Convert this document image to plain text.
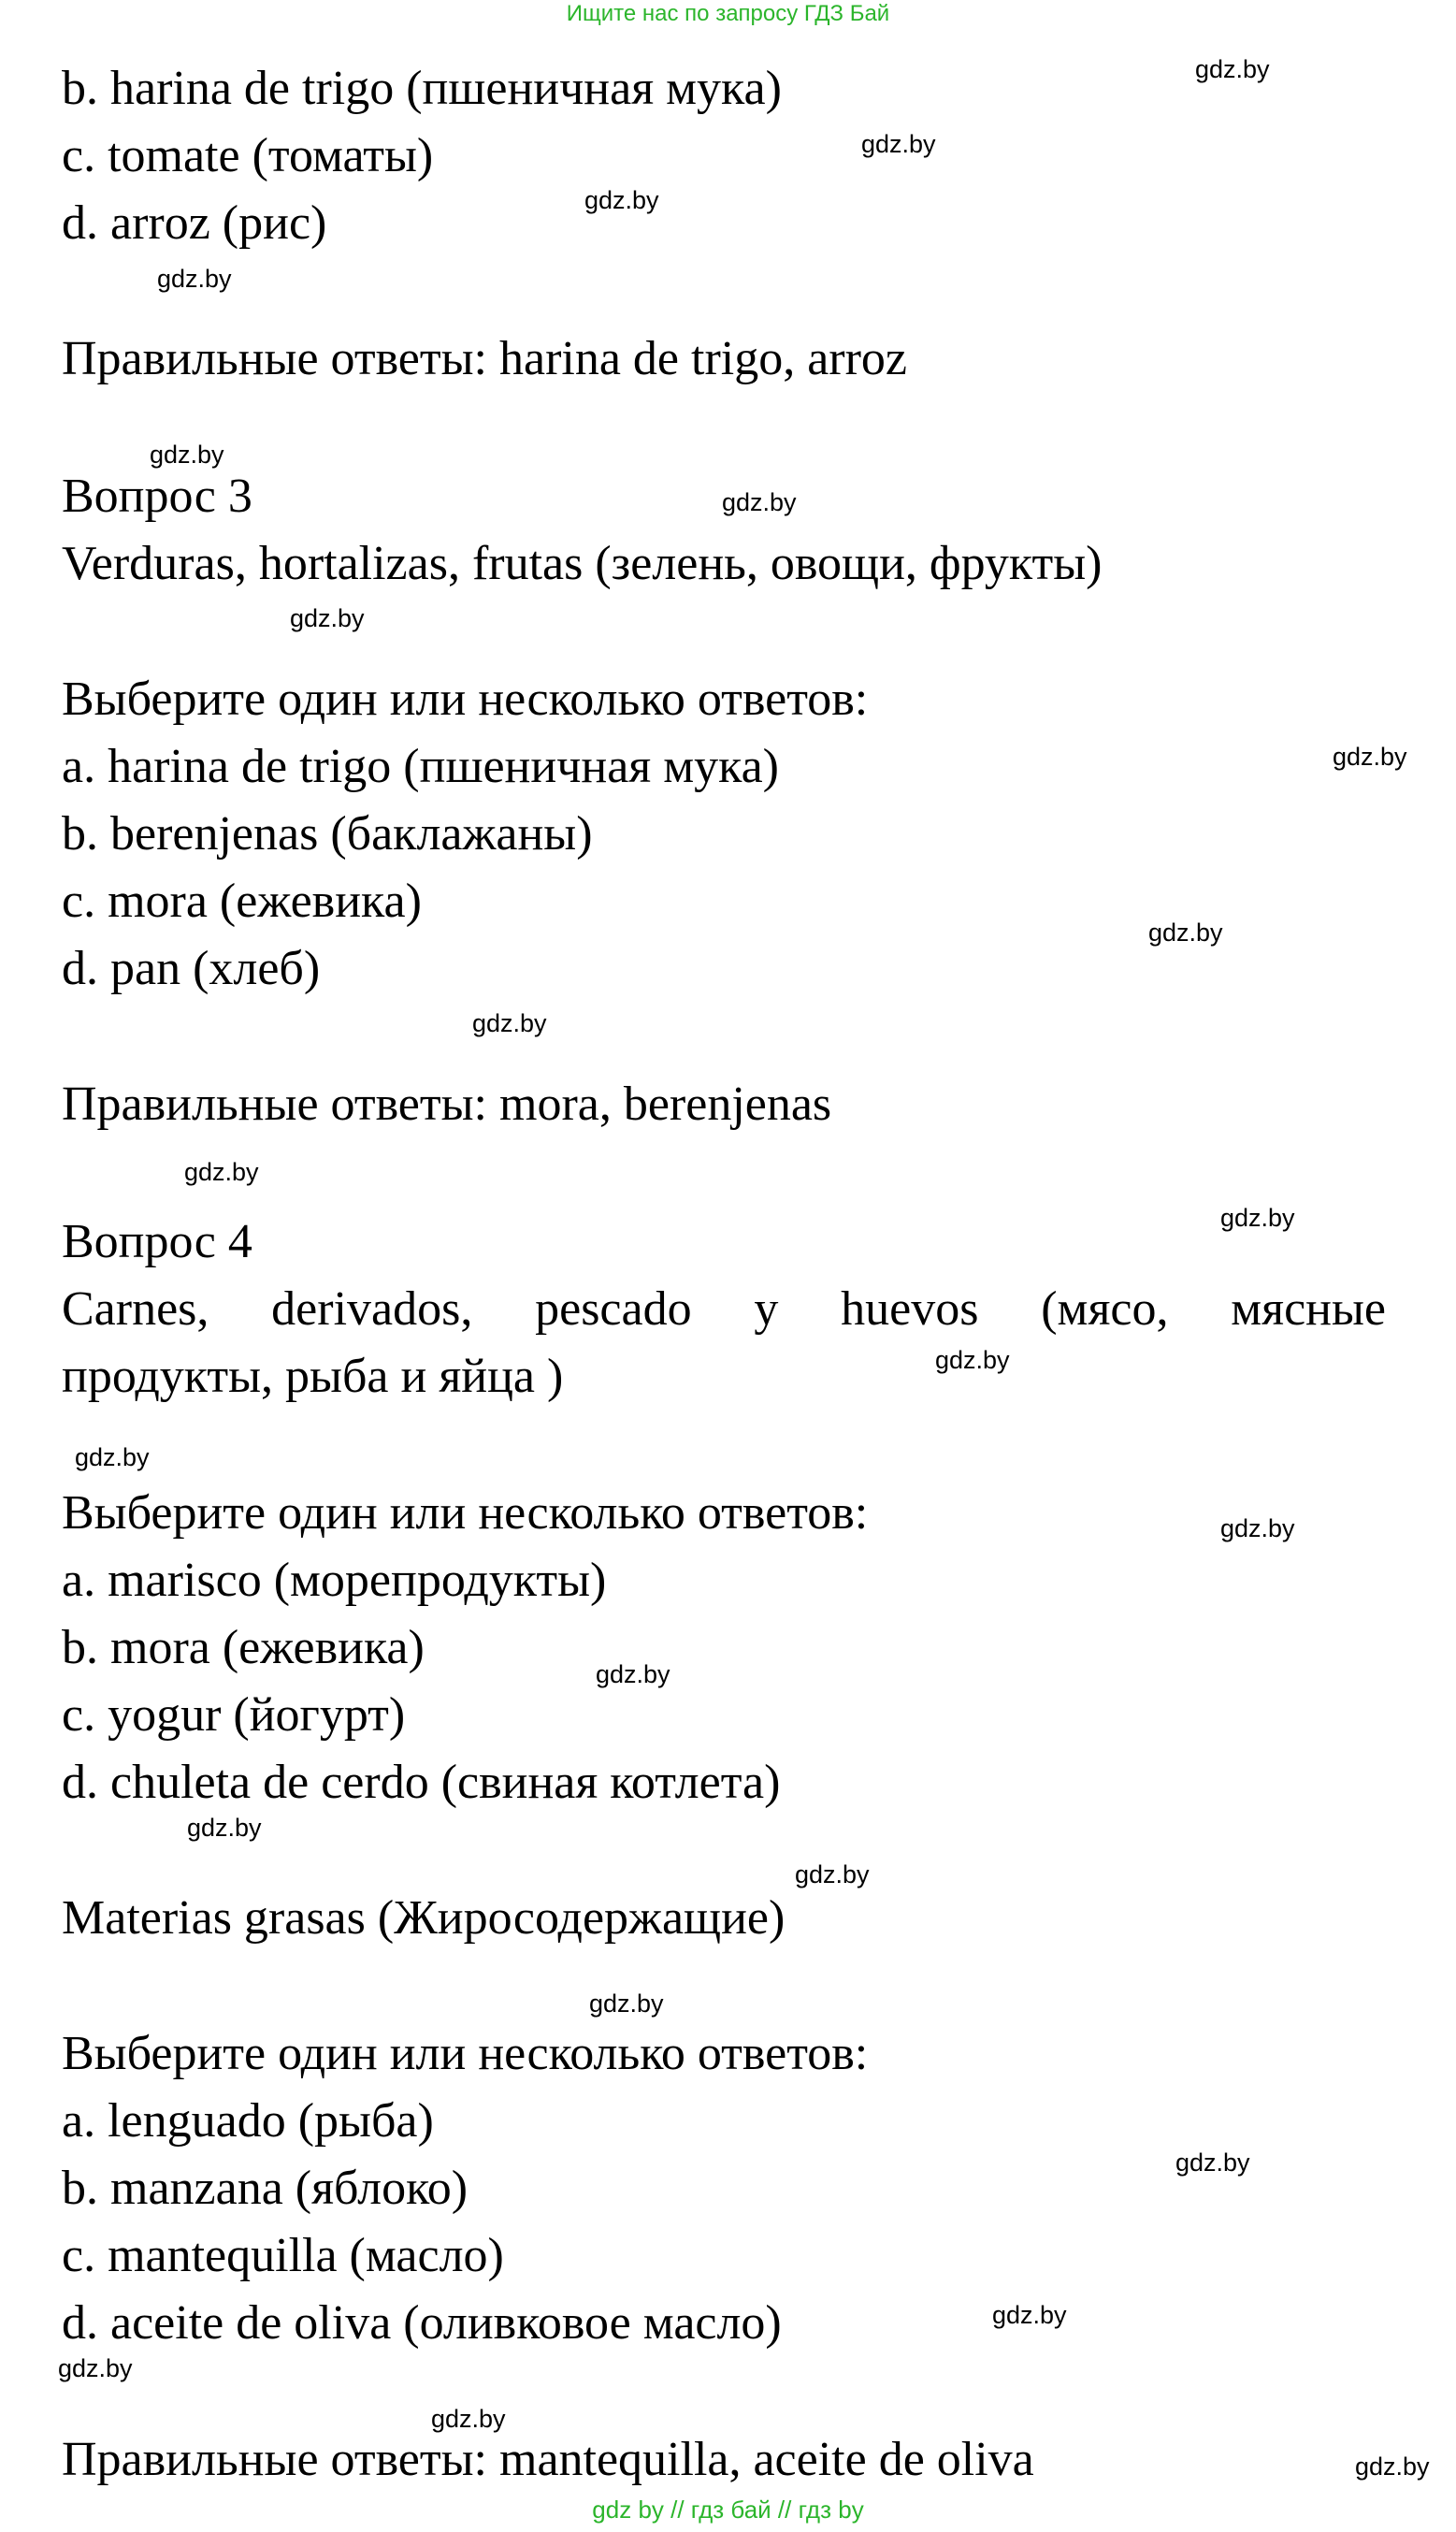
Ищите нас по запросу ГДЗ Бай
b. harina de trigo (пшеничная мука)
c. tomate (томаты)
d. arroz (рис)
Правильные ответы: harina de trigo, arroz
Вопрос 3
Verduras, hortalizas, frutas (зелень, овощи, фрукты)
Выберите один или несколько ответов:
a. harina de trigo (пшеничная мука)
b. berenjenas (баклажаны)
c. mora (ежевика)
d. pan (хлеб)
Правильные ответы: mora, berenjenas
Вопрос 4
Carnes, derivados, pescado y huevos (мясо, мясные
продукты, рыба и яйца )
Выберите один или несколько ответов:
a. marisco (морепродукты)
b. mora (ежевика)
c. yogur (йогурт)
d. chuleta de cerdo (свиная котлета)
Materias grasas (Жиросодержащие)
Выберите один или несколько ответов:
a. lenguado (рыба)
b. manzana (яблоко)
c. mantequilla (масло)
d. aceite de oliva (оливковое масло)
Правильные ответы: mantequilla, aceite de oliva
gdz.by
gdz.by
gdz.by
gdz.by
gdz.by
gdz.by
gdz.by
gdz.by
gdz.by
gdz.by
gdz.by
gdz.by
gdz.by
gdz.by
gdz.by
gdz.by
gdz.by
gdz.by
gdz.by
gdz.by
gdz.by
gdz.by
gdz.by
gdz.by
gdz by // гдз бай // гдз by
